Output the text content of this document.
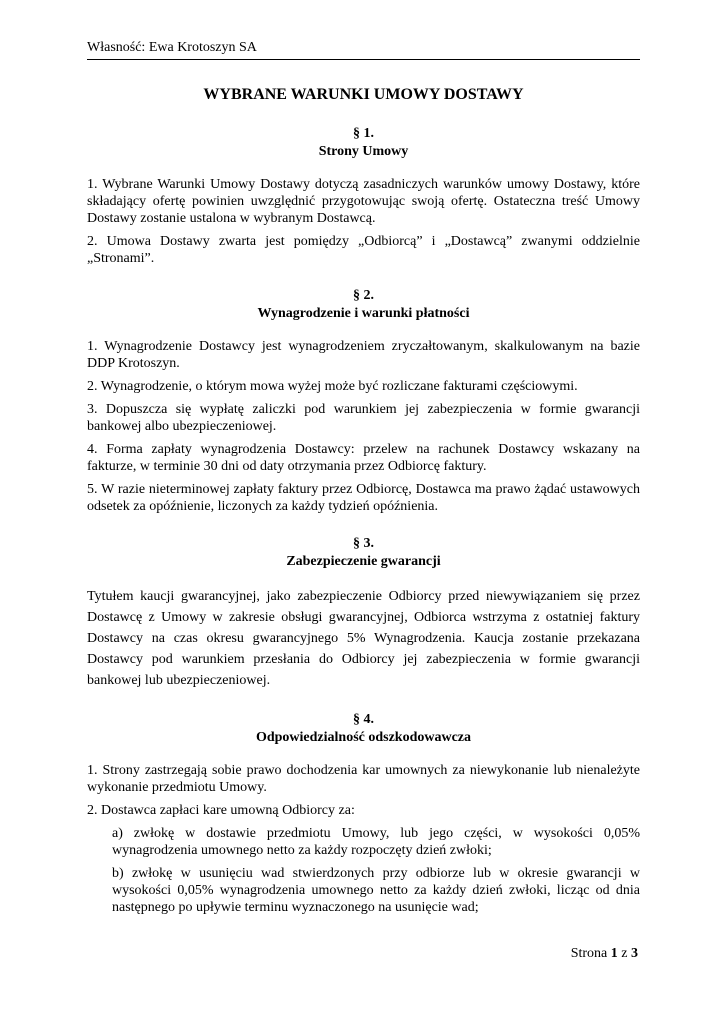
Własność: Ewa Krotoszyn SA
WYBRANE WARUNKI UMOWY DOSTAWY
§ 1.
Strony Umowy

1. Wybrane Warunki Umowy Dostawy dotyczą zasadniczych warunków umowy Dostawy, które składający ofertę powinien uwzględnić przygotowując swoją ofertę. Ostateczna treść Umowy Dostawy zostanie ustalona w wybranym Dostawcą.

2. Umowa Dostawy zwarta jest pomiędzy „Odbiorcą” i „Dostawcą” zwanymi oddzielnie „Stronami”.

§ 2.
Wynagrodzenie i warunki płatności

1. Wynagrodzenie Dostawcy jest wynagrodzeniem zryczałtowanym, skalkulowanym na bazie DDP Krotoszyn.

2. Wynagrodzenie, o którym mowa wyżej może być rozliczane fakturami częściowymi.

3. Dopuszcza się wypłatę zaliczki pod warunkiem jej zabezpieczenia w formie gwarancji bankowej albo ubezpieczeniowej.

4. Forma zapłaty wynagrodzenia Dostawcy: przelew na rachunek Dostawcy wskazany na fakturze, w terminie 30 dni od daty otrzymania przez Odbiorcę faktury.

5. W razie nieterminowej zapłaty faktury przez Odbiorcę, Dostawca ma prawo żądać ustawowych odsetek za opóźnienie, liczonych za każdy tydzień opóźnienia.

§ 3.
Zabezpieczenie gwarancji

Tytułem kaucji gwarancyjnej, jako zabezpieczenie Odbiorcy przed niewywiązaniem się przez Dostawcę z Umowy w zakresie obsługi gwarancyjnej, Odbiorca wstrzyma z ostatniej faktury Dostawcy na czas okresu gwarancyjnego 5% Wynagrodzenia. Kaucja zostanie przekazana Dostawcy pod warunkiem przesłania do Odbiorcy jej zabezpieczenia w formie gwarancji bankowej lub ubezpieczeniowej.

§ 4.
Odpowiedzialność odszkodowawcza

1. Strony zastrzegają sobie prawo dochodzenia kar umownych za niewykonanie lub nienależyte wykonanie przedmiotu Umowy.

2. Dostawca zapłaci kare umowną Odbiorcy za:

a) zwłokę w dostawie przedmiotu Umowy, lub jego części, w wysokości 0,05% wynagrodzenia umownego netto za każdy rozpoczęty dzień zwłoki;

b) zwłokę w usunięciu wad stwierdzonych przy odbiorze lub w okresie gwarancji w wysokości 0,05% wynagrodzenia umownego netto za każdy dzień zwłoki, licząc od dnia następnego po upływie terminu wyznaczonego na usunięcie wad;

Strona 1 z 3
